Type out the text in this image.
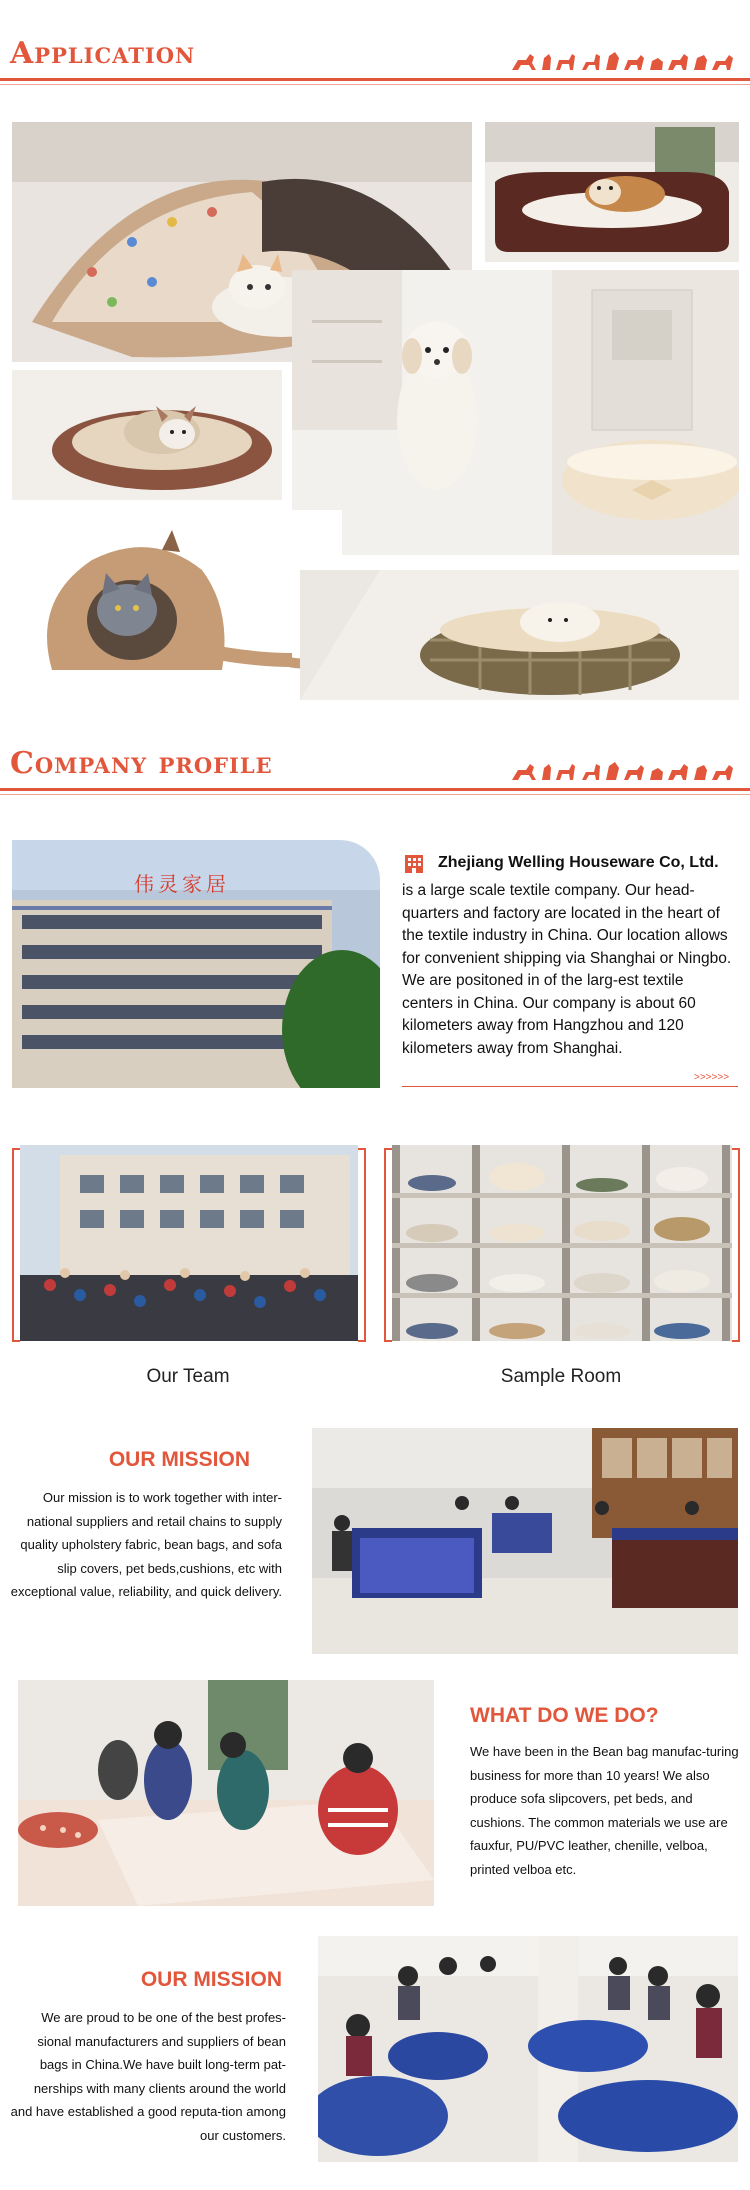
Application
Company profile
伟灵家居
Zhejiang Welling Houseware Co, Ltd.
is a large scale textile company. Our head-quarters and factory are located in the heart of the textile industry in China. Our location allows for convenient shipping via Shanghai or Ningbo. We are positoned in of the larg-est textile centers in China. Our company is about 60 kilometers away from Hangzhou and 120 kilometers away from Shanghai.
>>>>>>
Our Team	Sample Room
OUR MISSION
Our mission is to work together with inter-national suppliers and retail chains to supply quality upholstery fabric, bean bags, and sofa slip covers, pet beds,cushions, etc with exceptional value, reliability, and quick delivery.
WHAT DO WE DO?
We have been in the Bean bag manufac-turing business for more than 10 years! We also produce sofa slipcovers, pet beds, and cushions. The common materials we use are fauxfur, PU/PVC leather, chenille, velboa, printed velboa etc.
OUR MISSION
We are proud to be one of the best profes-sional manufacturers and suppliers of bean bags in China.We have built long-term pat-nerships with many clients around the world and have established a good reputa-tion among our customers.
